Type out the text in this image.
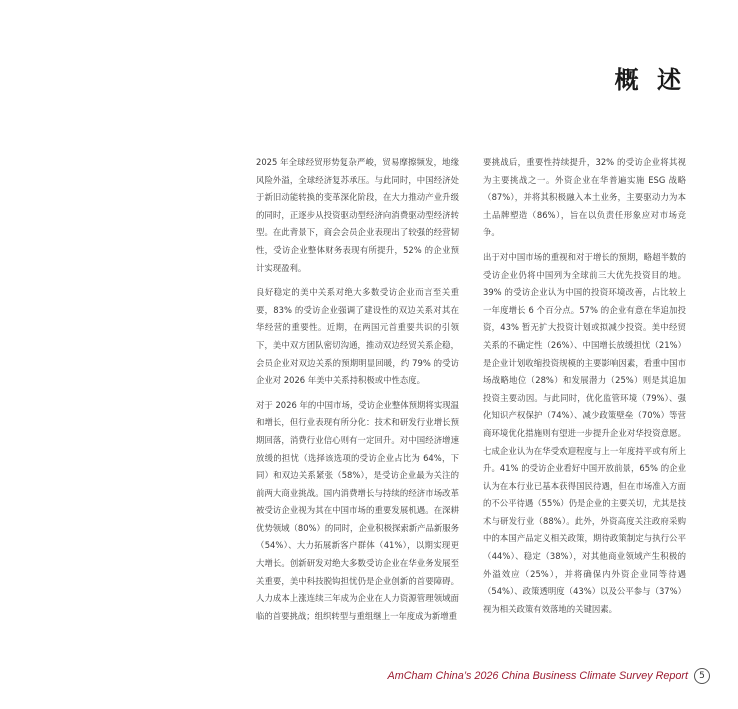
概 述

2025 年全球经贸形势复杂严峻，贸易摩擦频发，地缘风险外溢，全球经济复苏承压。与此同时，中国经济处于新旧动能转换的变革深化阶段，在大力推动产业升级的同时，正逐步从投资驱动型经济向消费驱动型经济转型。在此背景下，商会会员企业表现出了较强的经营韧性，受访企业整体财务表现有所提升，52% 的企业预计实现盈利。

良好稳定的美中关系对绝大多数受访企业而言至关重要，83% 的受访企业强调了建设性的双边关系对其在华经营的重要性。近期，在两国元首重要共识的引领下，美中双方团队密切沟通，推动双边经贸关系企稳，会员企业对双边关系的预期明显回暖，约 79% 的受访企业对 2026 年美中关系持积极或中性态度。

对于 2026 年的中国市场，受访企业整体预期将实现温和增长，但行业表现有所分化：技术和研发行业增长预期回落，消费行业信心则有一定回升。对中国经济增速放缓的担忧（选择该选项的受访企业占比为 64%，下同）和双边关系紧张（58%），是受访企业最为关注的前两大商业挑战。国内消费增长与持续的经济市场改革被受访企业视为其在中国市场的重要发展机遇。在深耕优势领域（80%）的同时，企业积极探索新产品新服务（54%）、大力拓展新客户群体（41%），以期实现更大增长。创新研发对绝大多数受访企业在华业务发展至关重要，美中科技脱钩担忧仍是企业创新的首要障碍。人力成本上涨连续三年成为企业在人力资源管理领域面临的首要挑战；组织转型与重组继上一年度成为新增重

要挑战后，重要性持续提升，32% 的受访企业将其视为主要挑战之一。外资企业在华普遍实施 ESG 战略（87%），并将其积极融入本土业务，主要驱动力为本土品牌塑造（86%），旨在以负责任形象应对市场竞争。

出于对中国市场的重视和对于增长的预期，略超半数的受访企业仍将中国列为全球前三大优先投资目的地。39% 的受访企业认为中国的投资环境改善，占比较上一年度增长 6 个百分点。57% 的企业有意在华追加投资，43% 暂无扩大投资计划或拟减少投资。美中经贸关系的不确定性（26%）、中国增长放缓担忧（21%）是企业计划收缩投资规模的主要影响因素，看重中国市场战略地位（28%）和发展潜力（25%）则是其追加投资主要动因。与此同时，优化监管环境（79%）、强化知识产权保护（74%）、减少政策壁垒（70%）等营商环境优化措施则有望进一步提升企业对华投资意愿。七成企业认为在华受欢迎程度与上一年度持平或有所上升。41% 的受访企业看好中国开放前景，65% 的企业认为在本行业已基本获得国民待遇，但在市场准入方面的不公平待遇（55%）仍是企业的主要关切，尤其是技术与研发行业（88%）。此外，外资高度关注政府采购中的本国产品定义相关政策，期待政策制定与执行公平（44%）、稳定（38%），对其他商业领域产生积极的外溢效应（25%），并将确保内外资企业同等待遇（54%）、政策透明度（43%）以及公平参与（37%）视为相关政策有效落地的关键因素。

AmCham China’s 2026 China Business Climate Survey Report	5
